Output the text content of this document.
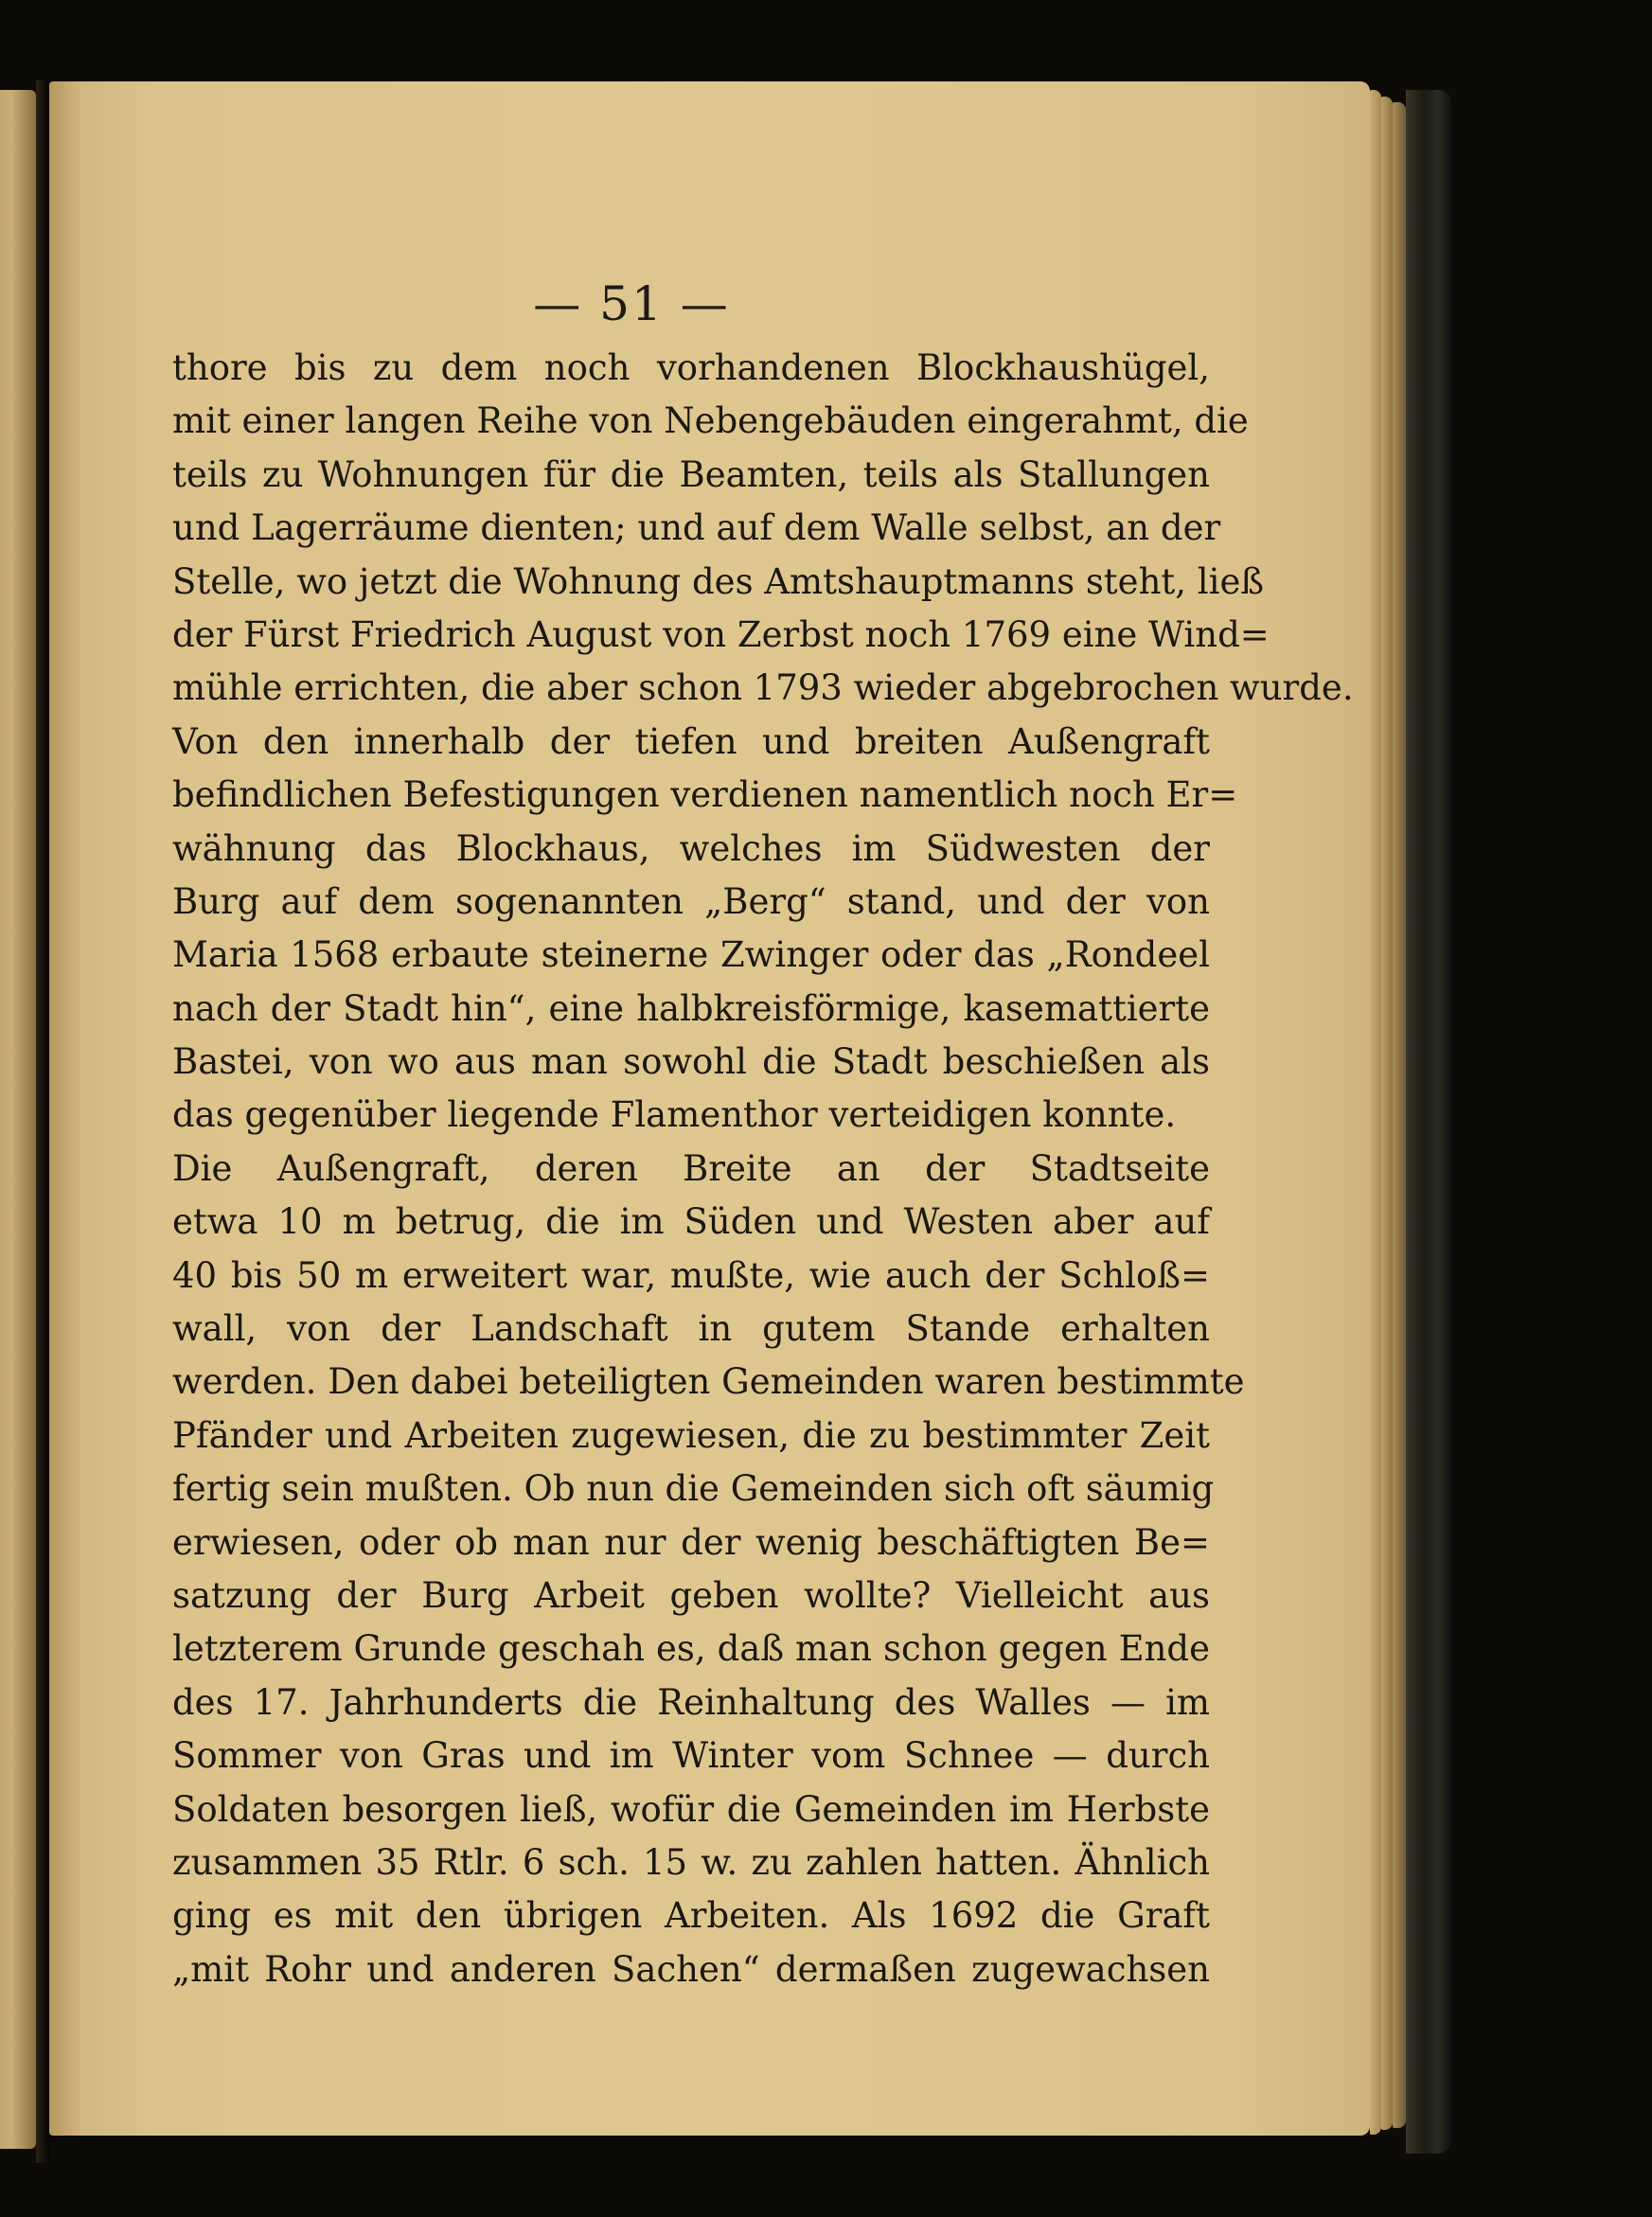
— 51 —
thore bis zu dem noch vorhandenen Blockhaushügel,
mit einer langen Reihe von Nebengebäuden eingerahmt, die
teils zu Wohnungen für die Beamten, teils als Stallungen
und Lagerräume dienten; und auf dem Walle selbst, an der
Stelle, wo jetzt die Wohnung des Amtshauptmanns steht, ließ
der Fürst Friedrich August von Zerbst noch 1769 eine Wind=
mühle errichten, die aber schon 1793 wieder abgebrochen wurde.
Von den innerhalb der tiefen und breiten Außengraft
befindlichen Befestigungen verdienen namentlich noch Er=
wähnung das Blockhaus, welches im Südwesten der
Burg auf dem sogenannten „Berg“ stand, und der von
Maria 1568 erbaute steinerne Zwinger oder das „Rondeel
nach der Stadt hin“, eine halbkreisförmige, kasemattierte
Bastei, von wo aus man sowohl die Stadt beschießen als
das gegenüber liegende Flamenthor verteidigen konnte.
Die Außengraft, deren Breite an der Stadtseite
etwa 10 m betrug, die im Süden und Westen aber auf
40 bis 50 m erweitert war, mußte, wie auch der Schloß=
wall, von der Landschaft in gutem Stande erhalten
werden. Den dabei beteiligten Gemeinden waren bestimmte
Pfänder und Arbeiten zugewiesen, die zu bestimmter Zeit
fertig sein mußten. Ob nun die Gemeinden sich oft säumig
erwiesen, oder ob man nur der wenig beschäftigten Be=
satzung der Burg Arbeit geben wollte? Vielleicht aus
letzterem Grunde geschah es, daß man schon gegen Ende
des 17. Jahrhunderts die Reinhaltung des Walles — im
Sommer von Gras und im Winter vom Schnee — durch
Soldaten besorgen ließ, wofür die Gemeinden im Herbste
zusammen 35 Rtlr. 6 sch. 15 w. zu zahlen hatten. Ähnlich
ging es mit den übrigen Arbeiten. Als 1692 die Graft
„mit Rohr und anderen Sachen“ dermaßen zugewachsen
